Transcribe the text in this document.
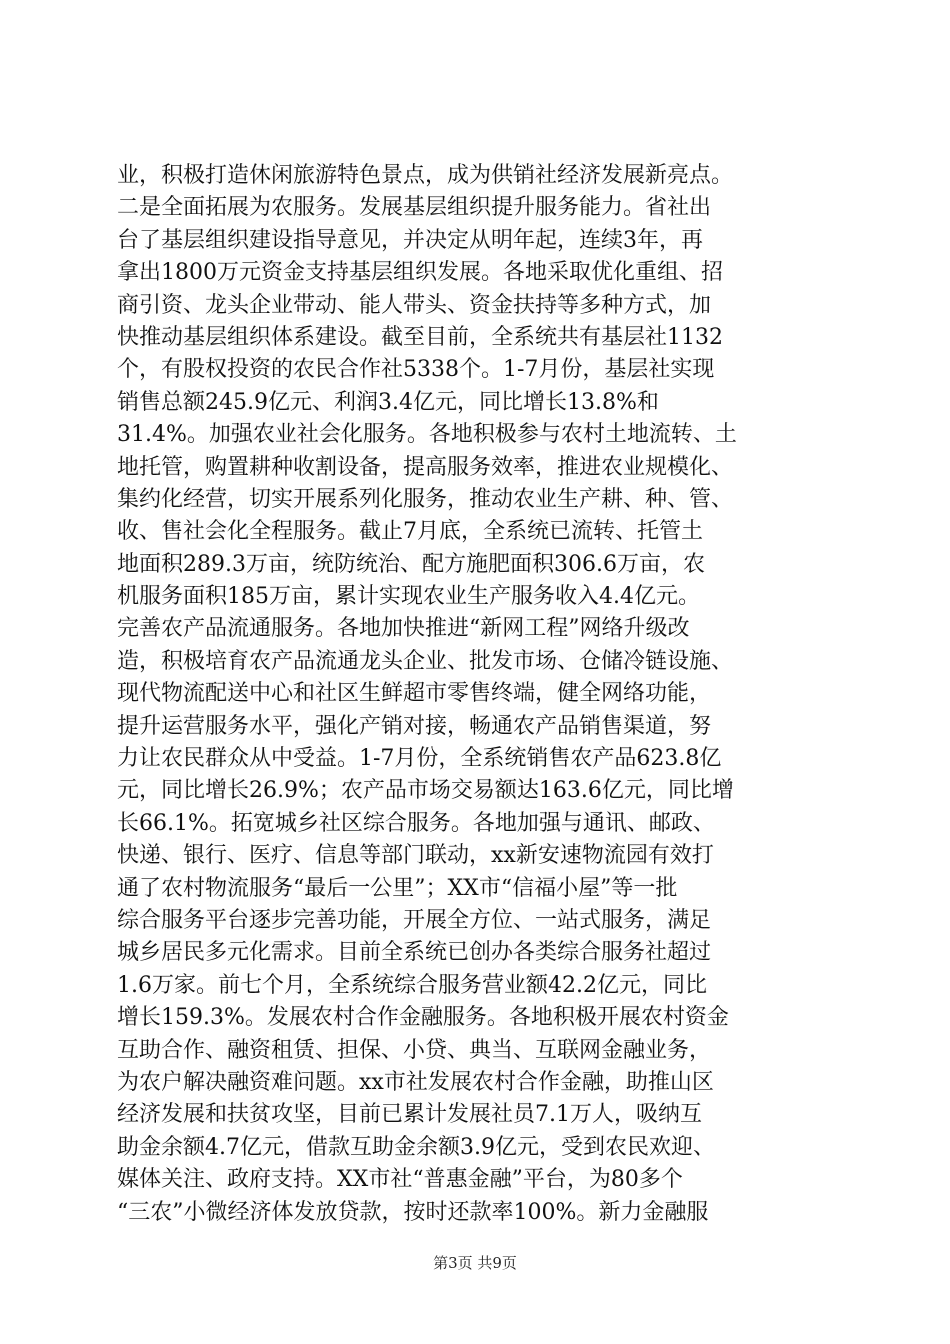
业，积极打造休闲旅游特色景点，成为供销社经济发展新亮点。
二是全面拓展为农服务。发展基层组织提升服务能力。省社出
台了基层组织建设指导意见，并决定从明年起，连续3年，再
拿出1800万元资金支持基层组织发展。各地采取优化重组、招
商引资、龙头企业带动、能人带头、资金扶持等多种方式，加
快推动基层组织体系建设。截至目前，全系统共有基层社1132
个，有股权投资的农民合作社5338个。1-7月份，基层社实现
销售总额245.9亿元、利润3.4亿元，同比增长13.8%和
31.4%。加强农业社会化服务。各地积极参与农村土地流转、土
地托管，购置耕种收割设备，提高服务效率，推进农业规模化、
集约化经营，切实开展系列化服务，推动农业生产耕、种、管、
收、售社会化全程服务。截止7月底，全系统已流转、托管土
地面积289.3万亩，统防统治、配方施肥面积306.6万亩，农
机服务面积185万亩，累计实现农业生产服务收入4.4亿元。
完善农产品流通服务。各地加快推进“新网工程”网络升级改
造，积极培育农产品流通龙头企业、批发市场、仓储冷链设施、
现代物流配送中心和社区生鲜超市零售终端，健全网络功能，
提升运营服务水平，强化产销对接，畅通农产品销售渠道，努
力让农民群众从中受益。1-7月份，全系统销售农产品623.8亿
元，同比增长26.9%；农产品市场交易额达163.6亿元，同比增
长66.1%。拓宽城乡社区综合服务。各地加强与通讯、邮政、
快递、银行、医疗、信息等部门联动，xx新安速物流园有效打
通了农村物流服务“最后一公里”；XX市“信福小屋”等一批
综合服务平台逐步完善功能，开展全方位、一站式服务，满足
城乡居民多元化需求。目前全系统已创办各类综合服务社超过
1.6万家。前七个月，全系统综合服务营业额42.2亿元，同比
增长159.3%。发展农村合作金融服务。各地积极开展农村资金
互助合作、融资租赁、担保、小贷、典当、互联网金融业务，
为农户解决融资难问题。xx市社发展农村合作金融，助推山区
经济发展和扶贫攻坚，目前已累计发展社员7.1万人，吸纳互
助金余额4.7亿元，借款互助金余额3.9亿元，受到农民欢迎、
媒体关注、政府支持。XX市社“普惠金融”平台，为80多个
“三农”小微经济体发放贷款，按时还款率100%。新力金融服
第3页 共9页
